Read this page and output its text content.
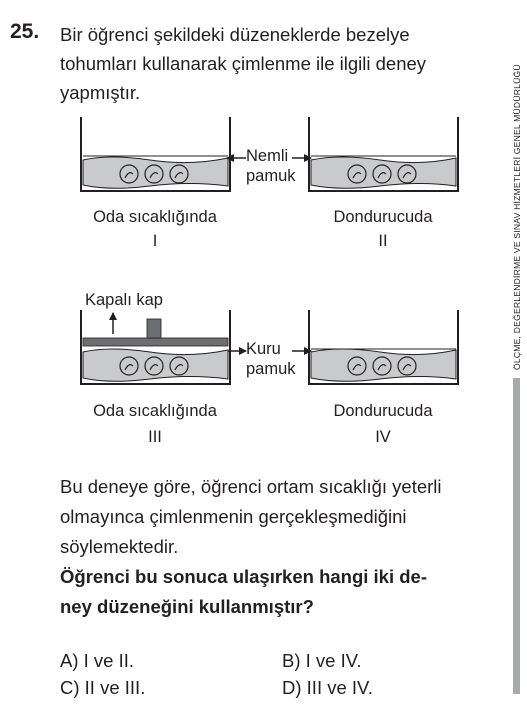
25. Bir öğrenci şekildeki düzeneklerde bezelye
tohumları kullanarak çimlenme ile ilgili deney
yapmıştır.
Nemli
pamuk
Kuru
pamuk
Kapalı kap
Oda sıcaklığında
I
Dondurucuda
II
Oda sıcaklığında
III
Dondurucuda
IV
Bu deneye göre, öğrenci ortam sıcaklığı yeterli
olmayınca çimlenmenin gerçekleşmediğini
söylemektedir.
Öğrenci bu sonuca ulaşırken hangi iki de-
ney düzeneğini kullanmıştır?
A) I ve II.	B) I ve IV.
C) II ve III.	D) III ve IV.
ÖLÇME, DEĞERLENDİRME VE SINAV HİZMETLERİ GENEL MÜDÜRLÜĞÜ
